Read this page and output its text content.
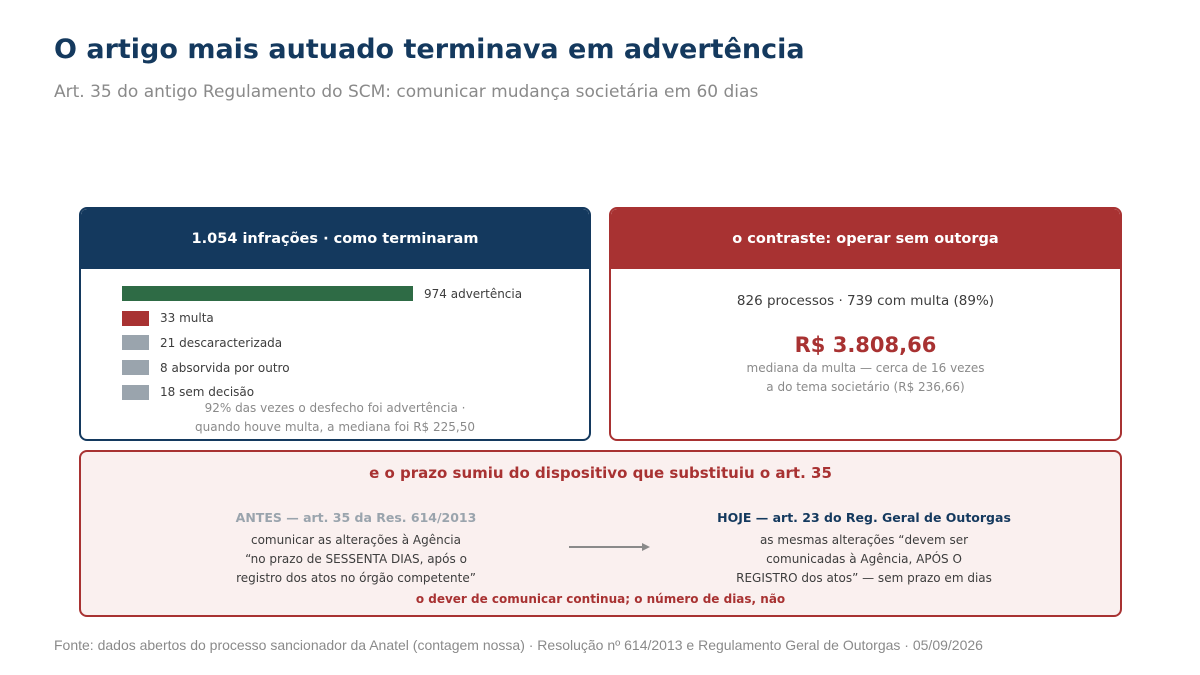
O artigo mais autuado terminava em advertência
Art. 35 do antigo Regulamento do SCM: comunicar mudança societária em 60 dias
1.054 infrações · como terminaram
974 advertência
33 multa
21 descaracterizada
8 absorvida por outro
18 sem decisão
92% das vezes o desfecho foi advertência ·
quando houve multa, a mediana foi R$ 225,50
o contraste: operar sem outorga
826 processos · 739 com multa (89%)
R$ 3.808,66
mediana da multa — cerca de 16 vezes
a do tema societário (R$ 236,66)
e o prazo sumiu do dispositivo que substituiu o art. 35
ANTES — art. 35 da Res. 614/2013
comunicar as alterações à Agência
“no prazo de SESSENTA DIAS, após o
registro dos atos no órgão competente”
HOJE — art. 23 do Reg. Geral de Outorgas
as mesmas alterações “devem ser
comunicadas à Agência, APÓS O
REGISTRO dos atos” — sem prazo em dias
o dever de comunicar continua; o número de dias, não
Fonte: dados abertos do processo sancionador da Anatel (contagem nossa) · Resolução nº 614/2013 e Regulamento Geral de Outorgas · 05/09/2026
